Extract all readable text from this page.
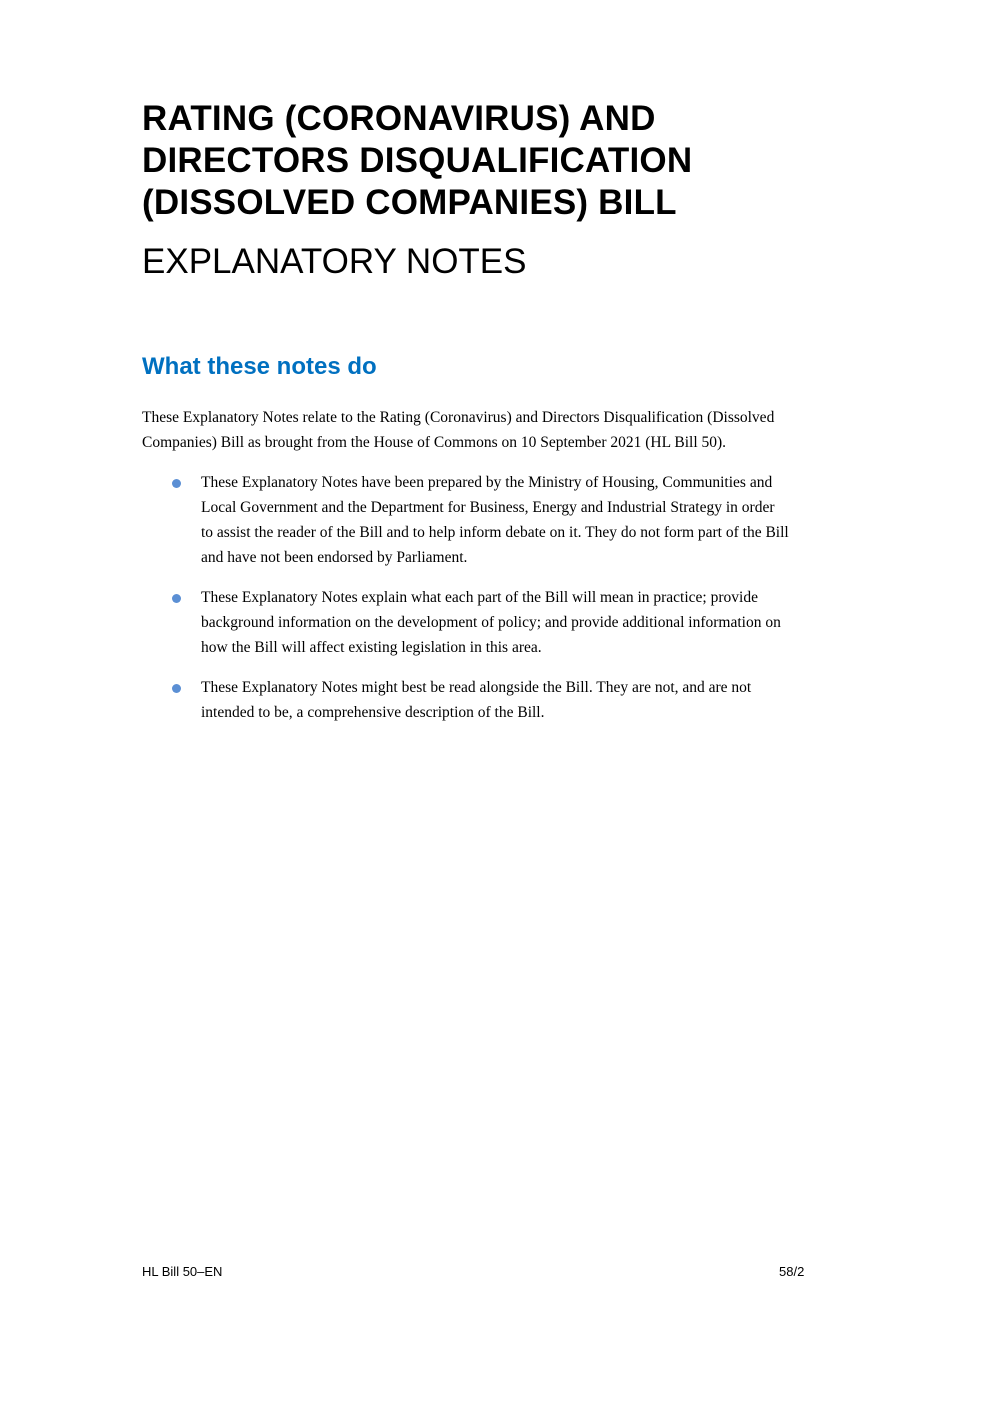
RATING (CORONAVIRUS) AND
DIRECTORS DISQUALIFICATION
(DISSOLVED COMPANIES) BILL
EXPLANATORY NOTES
What these notes do

These Explanatory Notes relate to the Rating (Coronavirus) and Directors Disqualification (Dissolved
Companies) Bill as brought from the House of Commons on 10 September 2021 (HL Bill 50).

These Explanatory Notes have been prepared by the Ministry of Housing, Communities and
Local Government and the Department for Business, Energy and Industrial Strategy in order
to assist the reader of the Bill and to help inform debate on it. They do not form part of the Bill
and have not been endorsed by Parliament.
These Explanatory Notes explain what each part of the Bill will mean in practice; provide
background information on the development of policy; and provide additional information on
how the Bill will affect existing legislation in this area.
These Explanatory Notes might best be read alongside the Bill. They are not, and are not
intended to be, a comprehensive description of the Bill.
HL Bill 50–EN	58/2
